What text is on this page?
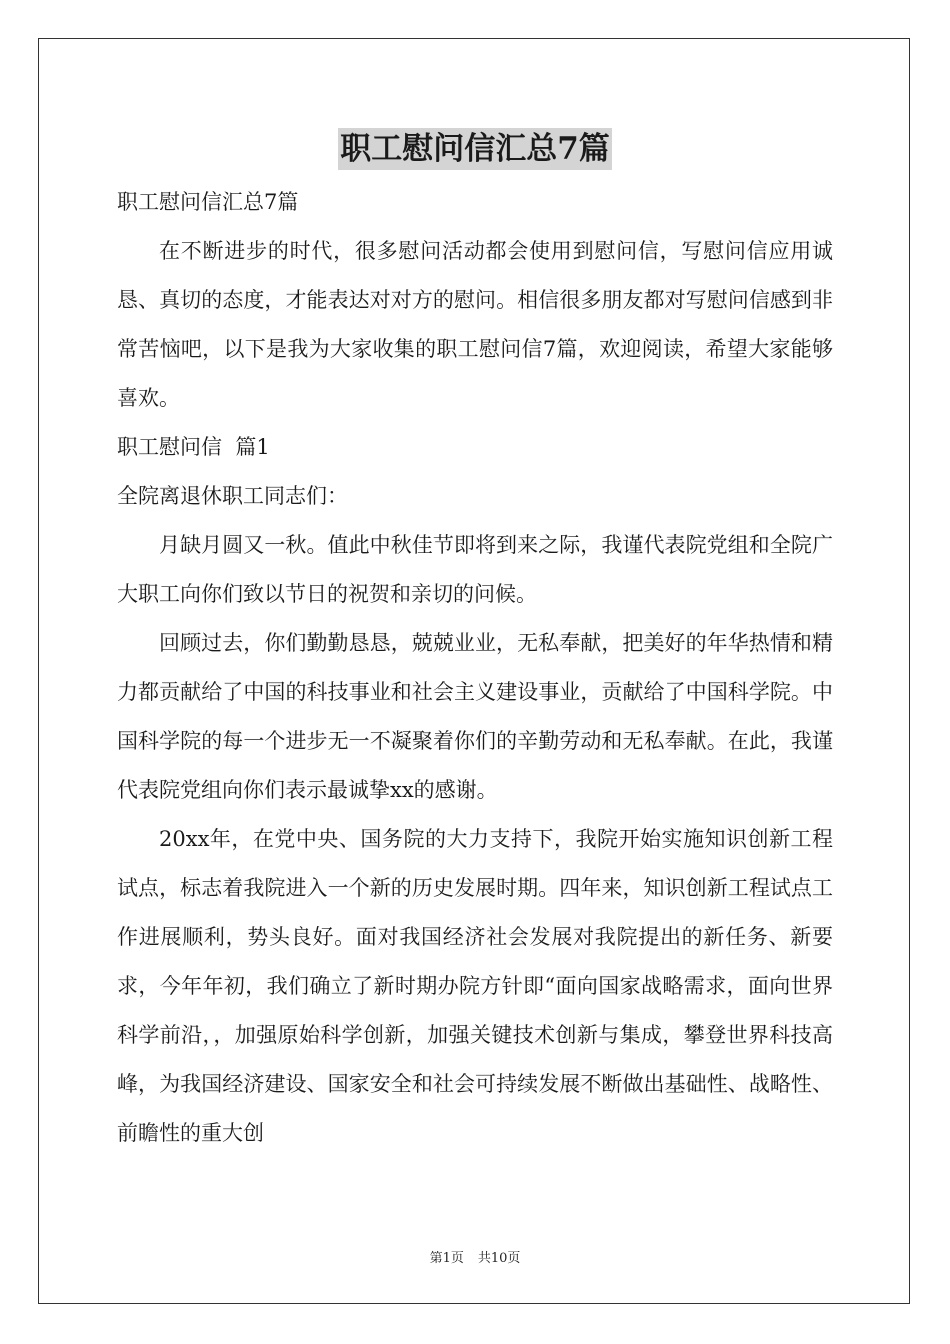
职工慰问信汇总7篇

职工慰问信汇总7篇

在不断进步的时代，很多慰问活动都会使用到慰问信，写慰问信应用诚恳、真切的态度，才能表达对对方的慰问。相信很多朋友都对写慰问信感到非常苦恼吧，以下是我为大家收集的职工慰问信7篇，欢迎阅读，希望大家能够喜欢。

职工慰问信  篇1

全院离退休职工同志们：

月缺月圆又一秋。值此中秋佳节即将到来之际，我谨代表院党组和全院广大职工向你们致以节日的祝贺和亲切的问候。

回顾过去，你们勤勤恳恳，兢兢业业，无私奉献，把美好的年华热情和精力都贡献给了中国的科技事业和社会主义建设事业，贡献给了中国科学院。中国科学院的每一个进步无一不凝聚着你们的辛勤劳动和无私奉献。在此，我谨代表院党组向你们表示最诚挚xx的感谢。

20xx年，在党中央、国务院的大力支持下，我院开始实施知识创新工程试点，标志着我院进入一个新的历史发展时期。四年来，知识创新工程试点工作进展顺利，势头良好。面对我国经济社会发展对我院提出的新任务、新要求，今年年初，我们确立了新时期办院方针即“面向国家战略需求，面向世界科学前沿，，加强原始科学创新，加强关键技术创新与集成，攀登世界科技高峰，为我国经济建设、国家安全和社会可持续发展不断做出基础性、战略性、前瞻性的重大创

第1页 共10页
